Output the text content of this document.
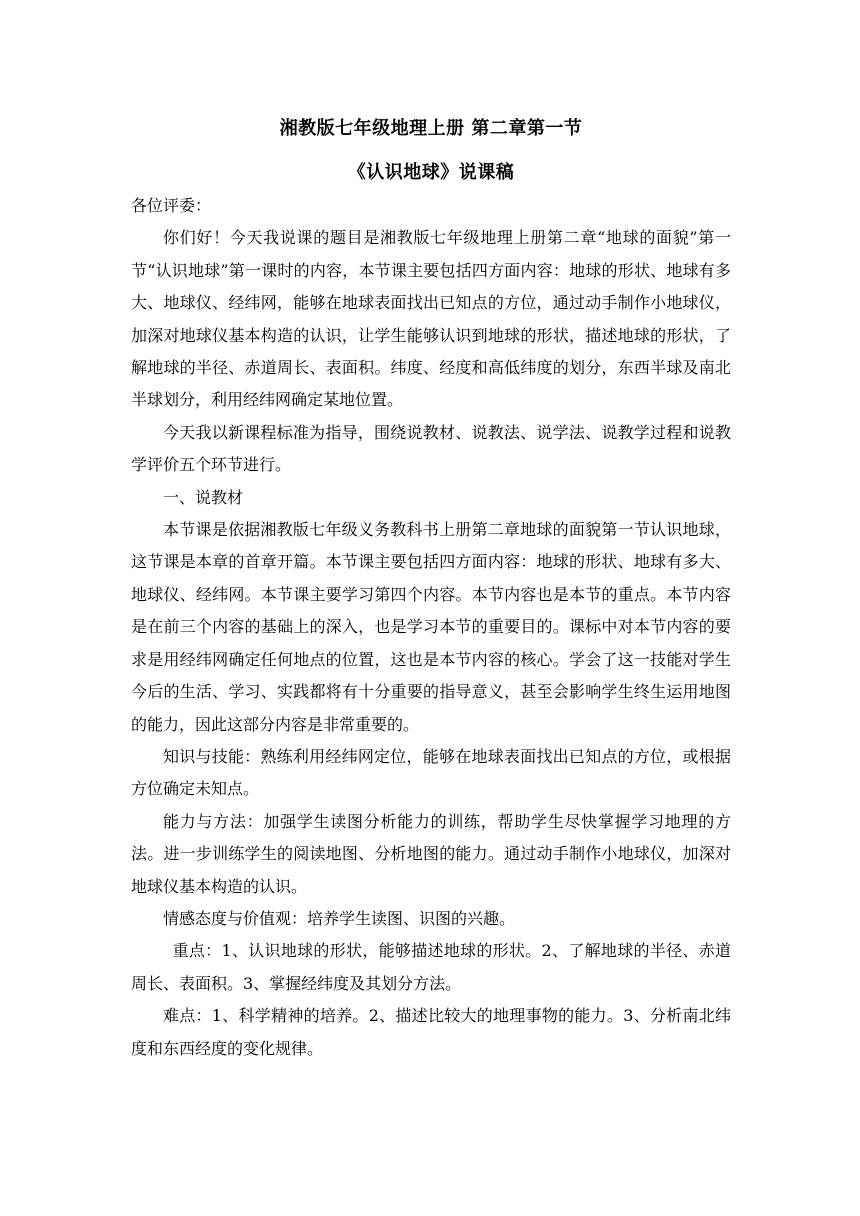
湘教版七年级地理上册 第二章第一节
《认识地球》说课稿

各位评委：

你们好！今天我说课的题目是湘教版七年级地理上册第二章“地球的面貌”第一节“认识地球”第一课时的内容，本节课主要包括四方面内容：地球的形状、地球有多大、地球仪、经纬网，能够在地球表面找出已知点的方位，通过动手制作小地球仪，加深对地球仪基本构造的认识，让学生能够认识到地球的形状，描述地球的形状，了解地球的半径、赤道周长、表面积。纬度、经度和高低纬度的划分，东西半球及南北半球划分，利用经纬网确定某地位置。

今天我以新课程标准为指导，围绕说教材、说教法、说学法、说教学过程和说教学评价五个环节进行。

一、说教材

本节课是依据湘教版七年级义务教科书上册第二章地球的面貌第一节认识地球，这节课是本章的首章开篇。本节课主要包括四方面内容：地球的形状、地球有多大、地球仪、经纬网。本节课主要学习第四个内容。本节内容也是本节的重点。本节内容是在前三个内容的基础上的深入，也是学习本节的重要目的。课标中对本节内容的要求是用经纬网确定任何地点的位置，这也是本节内容的核心。学会了这一技能对学生今后的生活、学习、实践都将有十分重要的指导意义，甚至会影响学生终生运用地图的能力，因此这部分内容是非常重要的。

知识与技能：熟练利用经纬网定位，能够在地球表面找出已知点的方位，或根据方位确定未知点。

能力与方法：加强学生读图分析能力的训练，帮助学生尽快掌握学习地理的方法。进一步训练学生的阅读地图、分析地图的能力。通过动手制作小地球仪，加深对地球仪基本构造的认识。

情感态度与价值观：培养学生读图、识图的兴趣。

重点：1、认识地球的形状，能够描述地球的形状。2、了解地球的半径、赤道周长、表面积。3、掌握经纬度及其划分方法。

难点：1、科学精神的培养。2、描述比较大的地理事物的能力。3、分析南北纬度和东西经度的变化规律。
